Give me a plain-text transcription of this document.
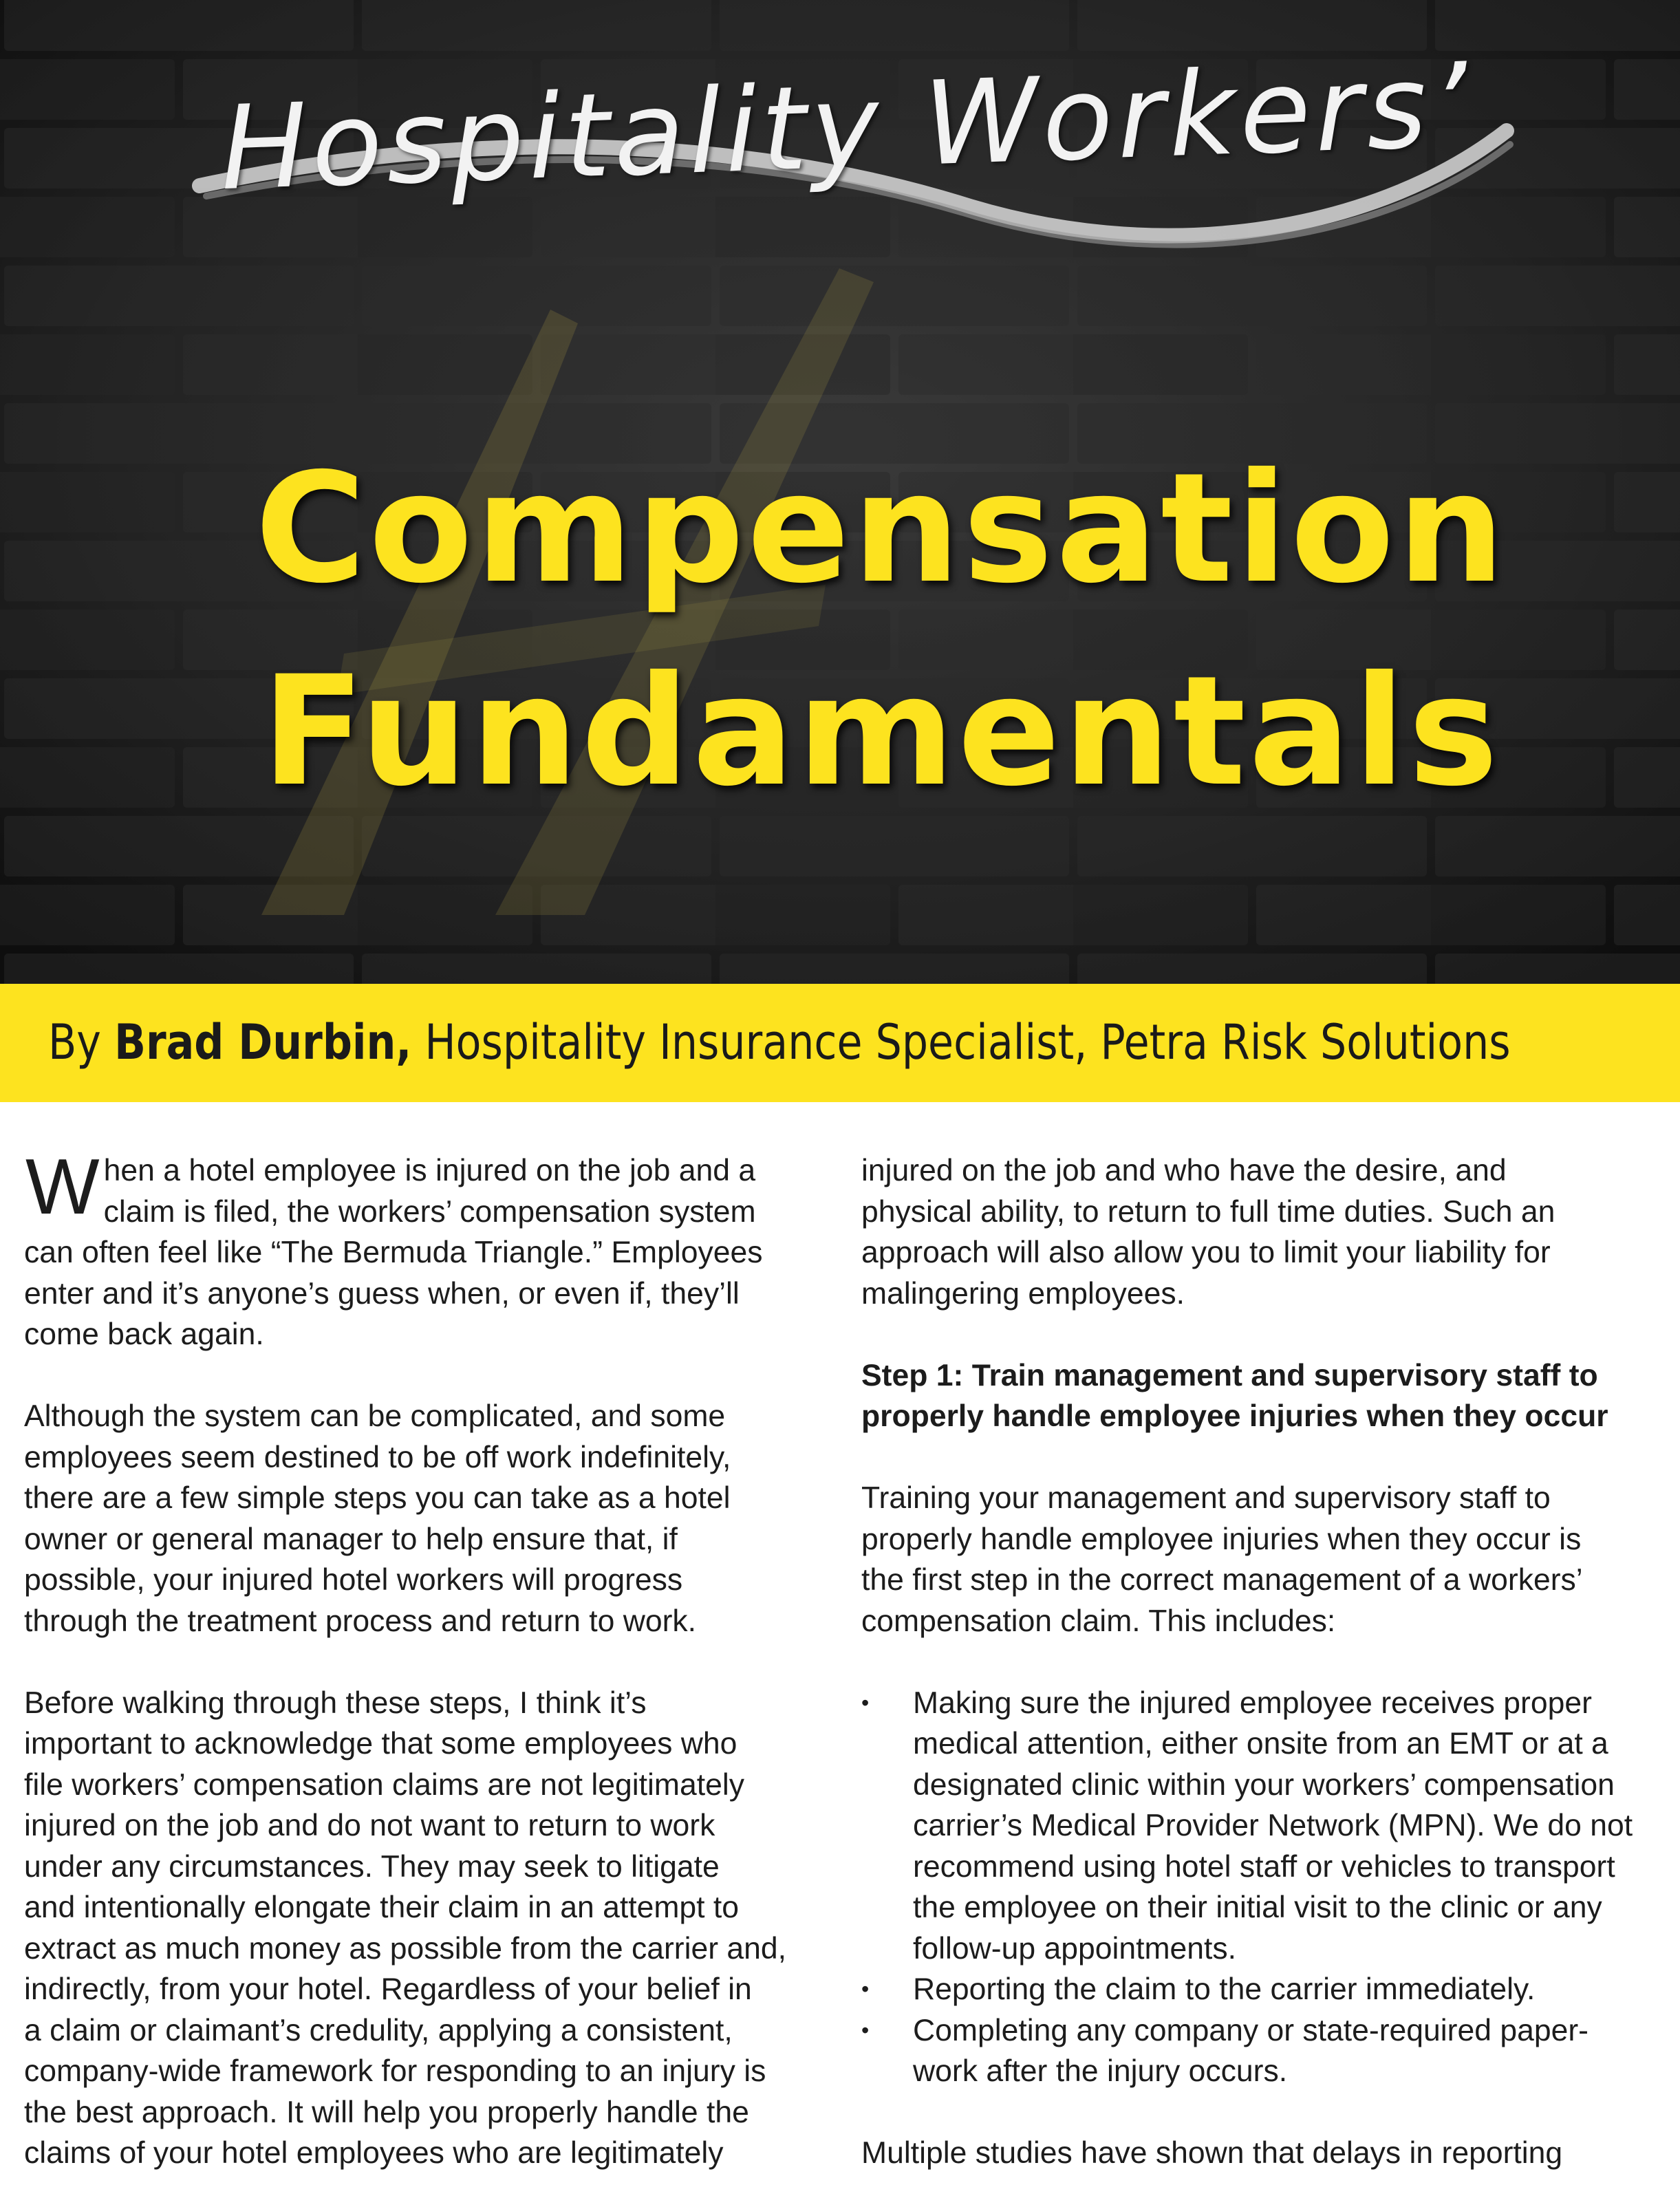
Hospitality Workers’
Compensation
Fundamentals
By Brad Durbin, Hospitality Insurance Specialist, Petra Risk Solutions
W hen a hotel employee is injured on the job and a
claim is filed, the workers’ compensation system
can often feel like “The Bermuda Triangle.” Employees
enter and it’s anyone’s guess when, or even if, they’ll
come back again.
Although the system can be complicated, and some
employees seem destined to be off work indefinitely,
there are a few simple steps you can take as a hotel
owner or general manager to help ensure that, if
possible, your injured hotel workers will progress
through the treatment process and return to work.
Before walking through these steps, I think it’s
important to acknowledge that some employees who
file workers’ compensation claims are not legitimately
injured on the job and do not want to return to work
under any circumstances. They may seek to litigate
and intentionally elongate their claim in an attempt to
extract as much money as possible from the carrier and,
indirectly, from your hotel. Regardless of your belief in
a claim or claimant’s credulity, applying a consistent,
company-wide framework for responding to an injury is
the best approach. It will help you properly handle the
claims of your hotel employees who are legitimately
injured on the job and who have the desire, and
physical ability, to return to full time duties. Such an
approach will also allow you to limit your liability for
malingering employees.
Step 1: Train management and supervisory staff to
properly handle employee injuries when they occur
Training your management and supervisory staff to
properly handle employee injuries when they occur is
the first step in the correct management of a workers’
compensation claim. This includes:
•	Making sure the injured employee receives proper
medical attention, either onsite from an EMT or at a
designated clinic within your workers’ compensation
carrier’s Medical Provider Network (MPN). We do not
recommend using hotel staff or vehicles to transport
the employee on their initial visit to the clinic or any
follow-up appointments.
•	Reporting the claim to the carrier immediately.
•	Completing any company or state-required paper-
work after the injury occurs.
Multiple studies have shown that delays in reporting
